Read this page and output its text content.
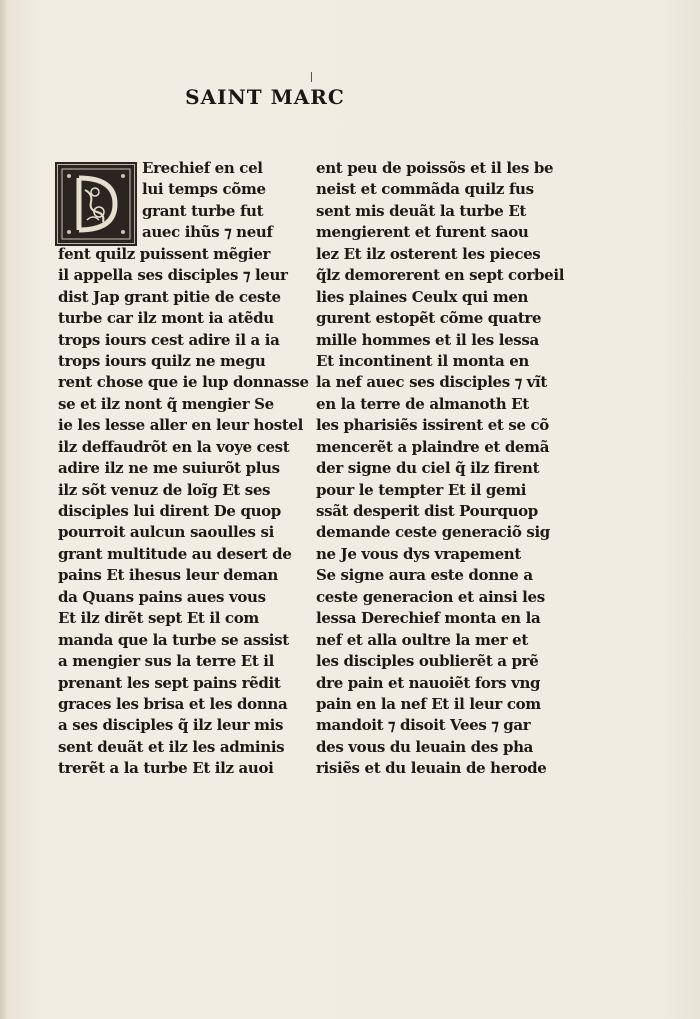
SAINT MARC
Erechief en cel
lui temps cõme
grant turbe fut
auec ihũs ⁊ neuf
fent quilz puissent mẽgier
il appella ses disciples ⁊ leur
dist Jap grant pitie de ceste
turbe car ilz mont ia atẽdu
trops iours cest adire il a ia
trops iours quilz ne megu
rent chose que ie lup donnasse
se et ilz nont q̃ mengier Se
ie les lesse aller en leur hostel
ilz deffaudrõt en la voye cest
adire ilz ne me suiurõt plus
ilz sõt venuz de loĩg Et ses
disciples lui dirent De quop
pourroit aulcun saoulles si
grant multitude au desert de
pains Et ihesus leur deman
da Quans pains aues vous
Et ilz dirẽt sept Et il com
manda que la turbe se assist
a mengier sus la terre Et il
prenant les sept pains rẽdit
graces les brisa et les donna
a ses disciples q̃ ilz leur mis
sent deuãt et ilz les adminis
trerẽt a la turbe Et ilz auoi
ent peu de poissõs et il les be
neist et commãda quilz fus
sent mis deuãt la turbe Et
mengierent et furent saou
lez Et ilz osterent les pieces
q̃lz demorerent en sept corbeil
lies plaines Ceulx qui men
gurent estopẽt cõme quatre
mille hommes et il les lessa
Et incontinent il monta en
la nef auec ses disciples ⁊ vĩt
en la terre de almanoth Et
les pharisiẽs issirent et se cõ
mencerẽt a plaindre et demã
der signe du ciel q̃ ilz firent
pour le tempter Et il gemi
ssãt desperit dist Pourquop
demande ceste generaciõ sig
ne Je vous dys vrapement
Se signe aura este donne a
ceste generacion et ainsi les
lessa Derechief monta en la
nef et alla oultre la mer et
les disciples oublierẽt a prẽ
dre pain et nauoiẽt fors vng
pain en la nef Et il leur com
mandoit ⁊ disoit Vees ⁊ gar
des vous du leuain des pha
risiẽs et du leuain de herode
